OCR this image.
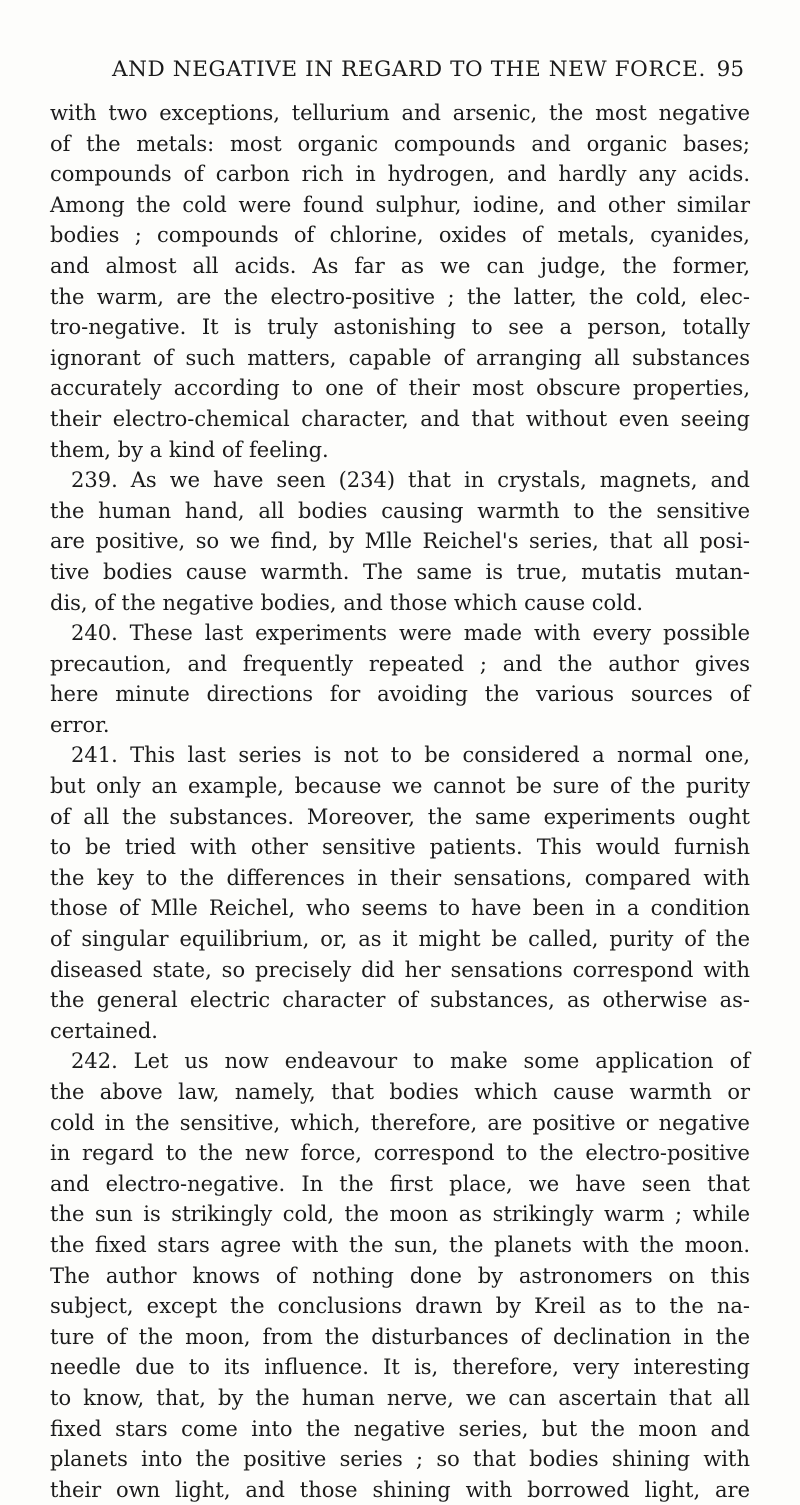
AND NEGATIVE IN REGARD TO THE NEW FORCE. 95
with two exceptions, tellurium and arsenic, the most negative
of the metals: most organic compounds and organic bases;
compounds of carbon rich in hydrogen, and hardly any acids.
Among the cold were found sulphur, iodine, and other similar
bodies ; compounds of chlorine, oxides of metals, cyanides,
and almost all acids. As far as we can judge, the former,
the warm, are the electro-positive ; the latter, the cold, elec-
tro-negative. It is truly astonishing to see a person, totally
ignorant of such matters, capable of arranging all substances
accurately according to one of their most obscure properties,
their electro-chemical character, and that without even seeing
them, by a kind of feeling.
239. As we have seen (234) that in crystals, magnets, and
the human hand, all bodies causing warmth to the sensitive
are positive, so we find, by Mlle Reichel's series, that all posi-
tive bodies cause warmth. The same is true, mutatis mutan-
dis, of the negative bodies, and those which cause cold.
240. These last experiments were made with every possible
precaution, and frequently repeated ; and the author gives
here minute directions for avoiding the various sources of
error.
241. This last series is not to be considered a normal one,
but only an example, because we cannot be sure of the purity
of all the substances. Moreover, the same experiments ought
to be tried with other sensitive patients. This would furnish
the key to the differences in their sensations, compared with
those of Mlle Reichel, who seems to have been in a condition
of singular equilibrium, or, as it might be called, purity of the
diseased state, so precisely did her sensations correspond with
the general electric character of substances, as otherwise as-
certained.
242. Let us now endeavour to make some application of
the above law, namely, that bodies which cause warmth or
cold in the sensitive, which, therefore, are positive or negative
in regard to the new force, correspond to the electro-positive
and electro-negative. In the first place, we have seen that
the sun is strikingly cold, the moon as strikingly warm ; while
the fixed stars agree with the sun, the planets with the moon.
The author knows of nothing done by astronomers on this
subject, except the conclusions drawn by Kreil as to the na-
ture of the moon, from the disturbances of declination in the
needle due to its influence. It is, therefore, very interesting
to know, that, by the human nerve, we can ascertain that all
fixed stars come into the negative series, but the moon and
planets into the positive series ; so that bodies shining with
their own light, and those shining with borrowed light, are
